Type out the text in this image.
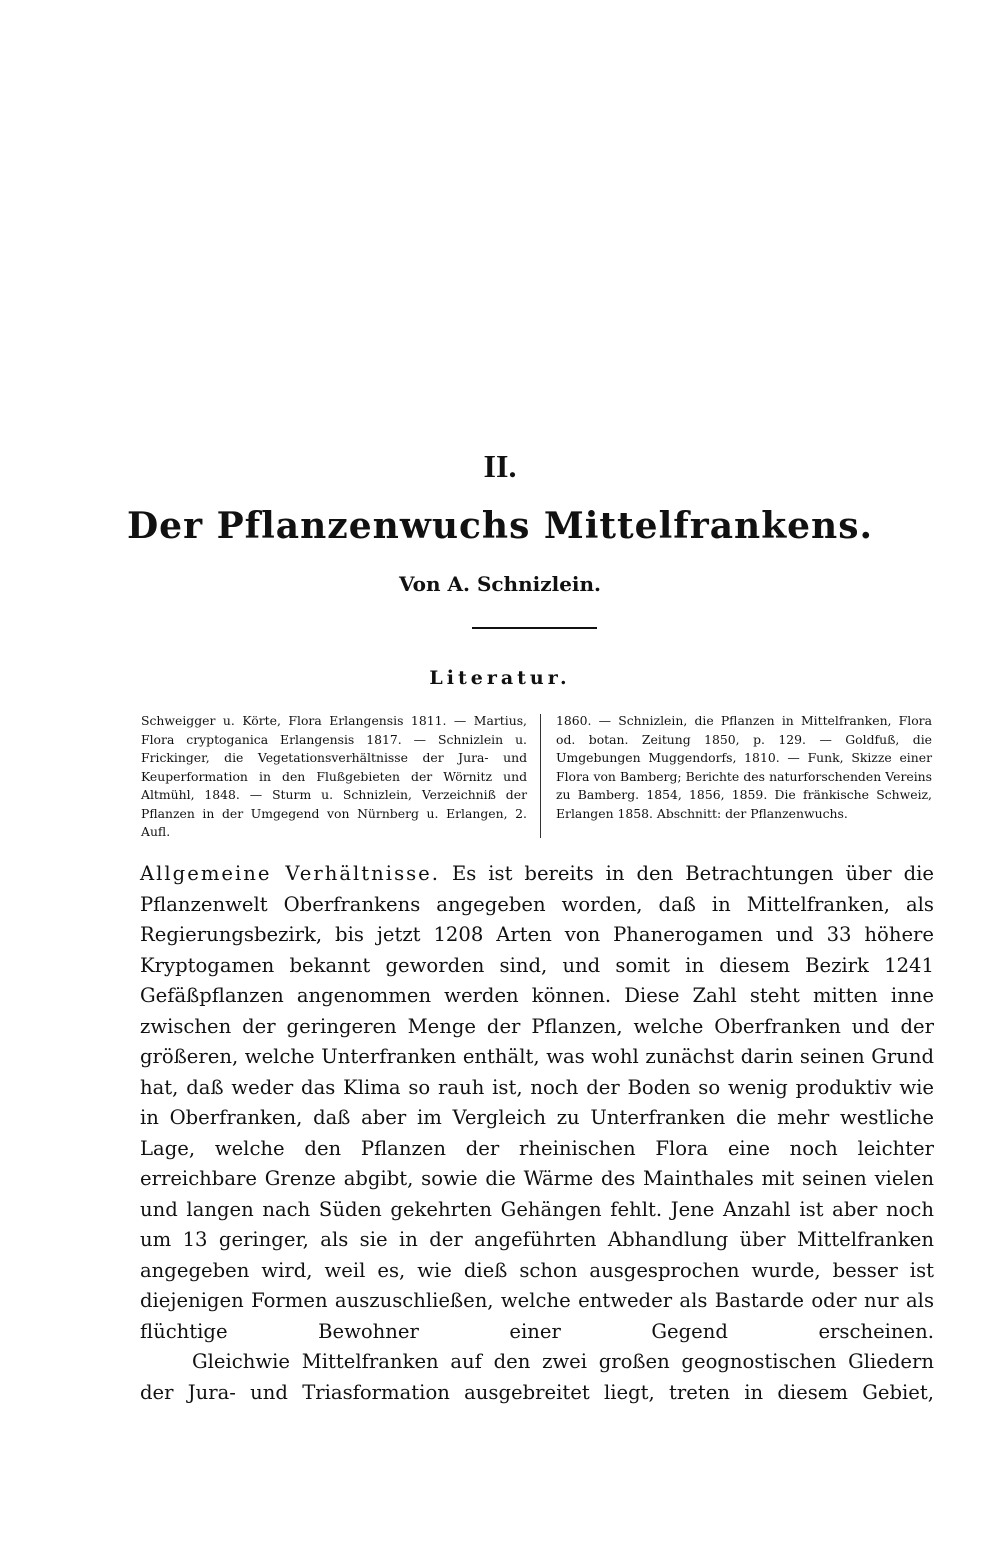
II.
Der Pflanzenwuchs Mittelfrankens.
Von A. Schnizlein.
Literatur.

Schweigger u. Körte, Flora Erlangensis 1811. — Martius, Flora cryptoganica Erlangensis 1817. — Schnizlein u. Frickinger, die Vegetationsverhältnisse der Jura- und Keuperformation in den Flußgebieten der Wörnitz und Altmühl, 1848. — Sturm u. Schnizlein, Verzeichniß der Pflanzen in der Umgegend von Nürnberg u. Erlangen, 2. Aufl.

1860. — Schnizlein, die Pflanzen in Mittelfranken, Flora od. botan. Zeitung 1850, p. 129. — Goldfuß, die Umgebungen Muggendorfs, 1810. — Funk, Skizze einer Flora von Bamberg; Berichte des naturforschenden Vereins zu Bamberg. 1854, 1856, 1859. Die fränkische Schweiz, Erlangen 1858. Abschnitt: der Pflanzenwuchs.

Allgemeine Verhältnisse. Es ist bereits in den Betrachtungen über die Pflanzenwelt Oberfrankens angegeben worden, daß in Mittelfranken, als Regierungsbezirk, bis jetzt 1208 Arten von Phanerogamen und 33 höhere Kryptogamen bekannt geworden sind, und somit in diesem Bezirk 1241 Gefäßpflanzen angenommen werden können. Diese Zahl steht mitten inne zwischen der geringeren Menge der Pflanzen, welche Oberfranken und der größeren, welche Unterfranken enthält, was wohl zunächst darin seinen Grund hat, daß weder das Klima so rauh ist, noch der Boden so wenig produktiv wie in Oberfranken, daß aber im Vergleich zu Unterfranken die mehr westliche Lage, welche den Pflanzen der rheinischen Flora eine noch leichter erreichbare Grenze abgibt, sowie die Wärme des Mainthales mit seinen vielen und langen nach Süden gekehrten Gehängen fehlt. Jene Anzahl ist aber noch um 13 geringer, als sie in der angeführten Abhandlung über Mittelfranken angegeben wird, weil es, wie dieß schon ausgesprochen wurde, besser ist diejenigen Formen auszuschließen, welche entweder als Bastarde oder nur als flüchtige Bewohner einer Gegend erscheinen.

Gleichwie Mittelfranken auf den zwei großen geognostischen Gliedern der Jura- und Triasformation ausgebreitet liegt, treten in diesem Gebiet,
